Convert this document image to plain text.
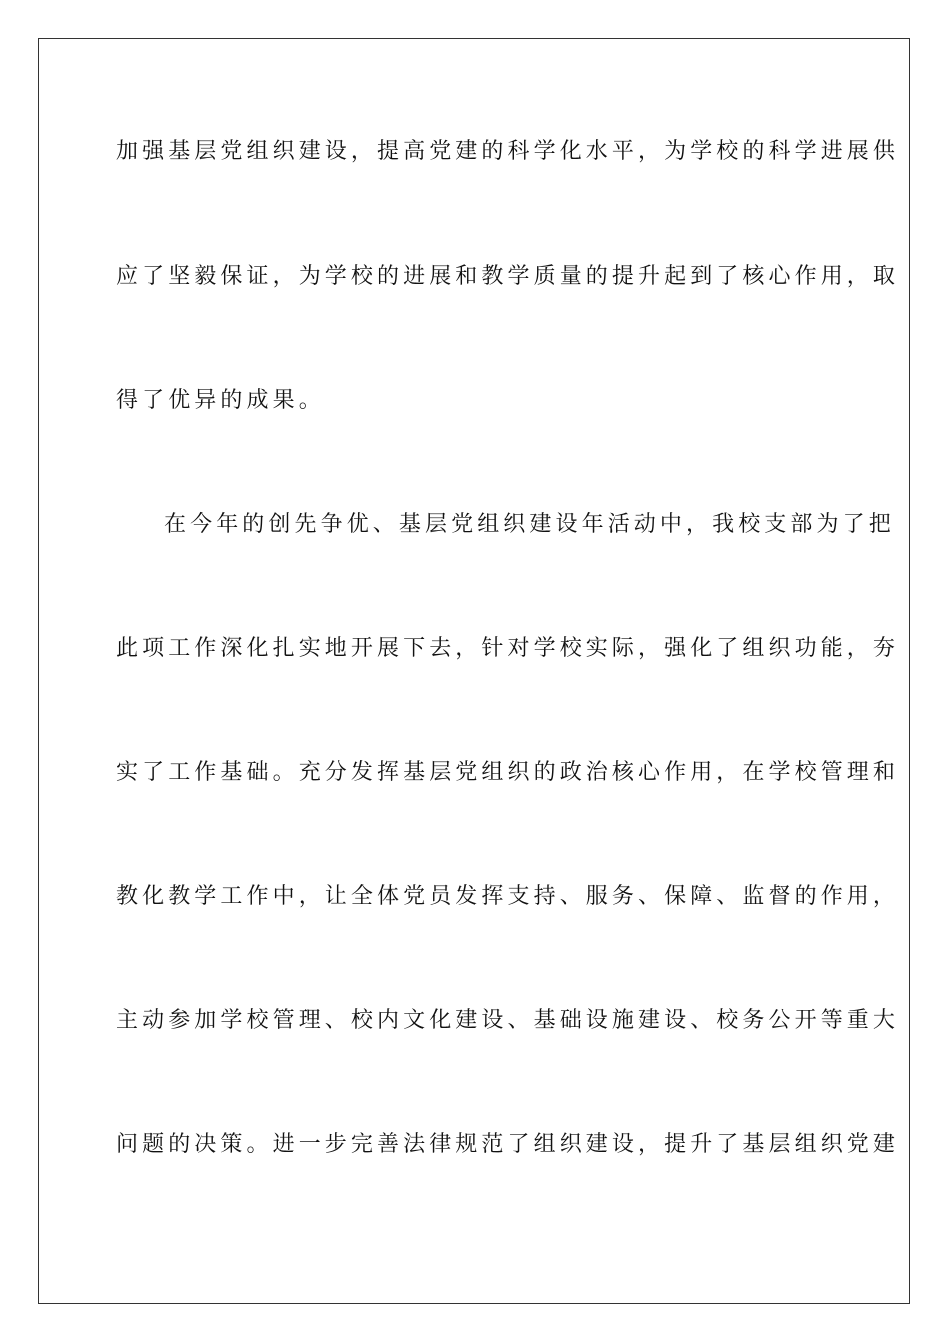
加强基层党组织建设，提高党建的科学化水平，为学校的科学进展供
应了坚毅保证，为学校的进展和教学质量的提升起到了核心作用，取
得了优异的成果。
在今年的创先争优、基层党组织建设年活动中，我校支部为了把
此项工作深化扎实地开展下去，针对学校实际，强化了组织功能，夯
实了工作基础。充分发挥基层党组织的政治核心作用，在学校管理和
教化教学工作中，让全体党员发挥支持、服务、保障、监督的作用，
主动参加学校管理、校内文化建设、基础设施建设、校务公开等重大
问题的决策。进一步完善法律规范了组织建设，提升了基层组织党建
